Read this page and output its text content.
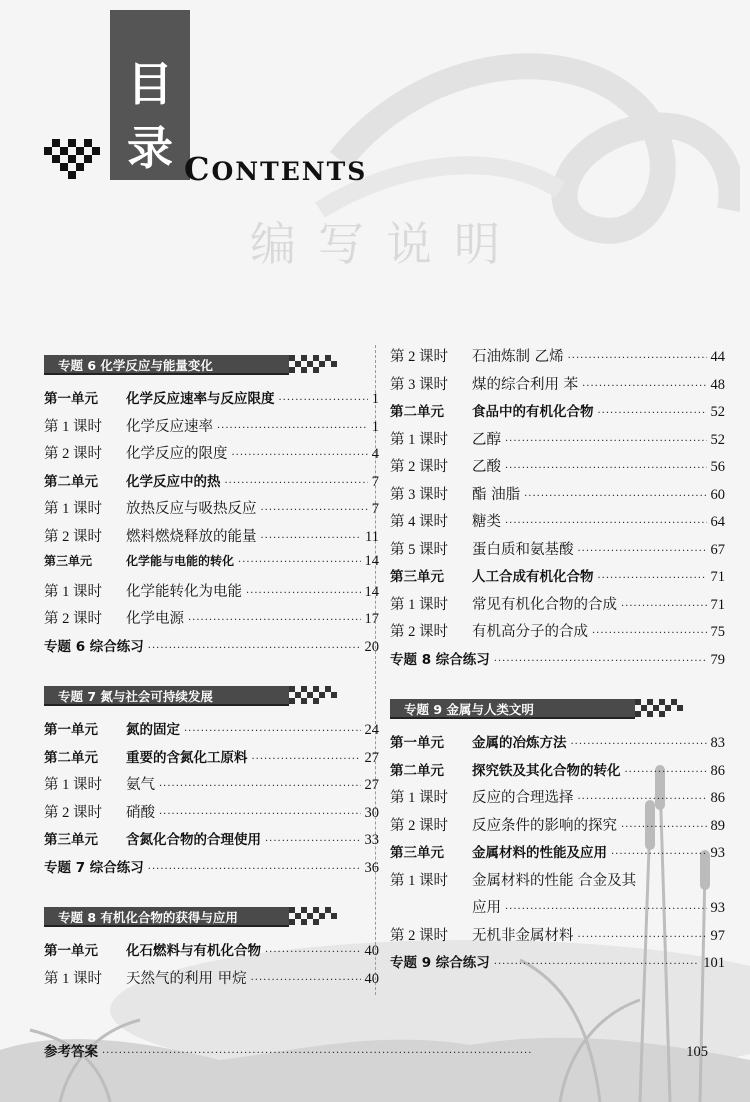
编写说明
目
录 CONTENTS
专题 6 化学反应与能量变化
第一单元	化学反应速率与反应限度 ·····	1
第 1 课时	化学反应速率 ·····	1
第 2 课时	化学反应的限度 ·····	4
第二单元	化学反应中的热 ·····	7
第 1 课时	放热反应与吸热反应 ·····	7
第 2 课时	燃料燃烧释放的能量 ·····	11
第三单元	化学能与电能的转化 ·····	14
第 1 课时	化学能转化为电能 ·····	14
第 2 课时	化学电源 ·····	17
专题 6 综合练习 ·····	20
专题 7 氮与社会可持续发展
第一单元	氮的固定 ·····	24
第二单元	重要的含氮化工原料 ·····	27
第 1 课时	氨气 ·····	27
第 2 课时	硝酸 ·····	30
第三单元	含氮化合物的合理使用 ·····	33
专题 7 综合练习 ·····	36
专题 8 有机化合物的获得与应用
第一单元	化石燃料与有机化合物 ·····	40
第 1 课时	天然气的利用 甲烷 ·····	40
第 2 课时	石油炼制 乙烯 ·····	44
第 3 课时	煤的综合利用 苯 ·····	48
第二单元	食品中的有机化合物 ·····	52
第 1 课时	乙醇 ·····	52
第 2 课时	乙酸 ·····	56
第 3 课时	酯 油脂 ·····	60
第 4 课时	糖类 ·····	64
第 5 课时	蛋白质和氨基酸 ·····	67
第三单元	人工合成有机化合物 ·····	71
第 1 课时	常见有机化合物的合成 ·····	71
第 2 课时	有机高分子的合成 ·····	75
专题 8 综合练习 ·····	79
专题 9 金属与人类文明
第一单元	金属的冶炼方法 ·····	83
第二单元	探究铁及其化合物的转化 ·····	86
第 1 课时	反应的合理选择 ·····	86
第 2 课时	反应条件的影响的探究 ·····	89
第三单元	金属材料的性能及应用 ·····	93
第 1 课时	金属材料的性能 合金及其
应用 ·····	93
第 2 课时	无机非金属材料 ·····	97
专题 9 综合练习 ·····	101
参考答案 ·····	105
